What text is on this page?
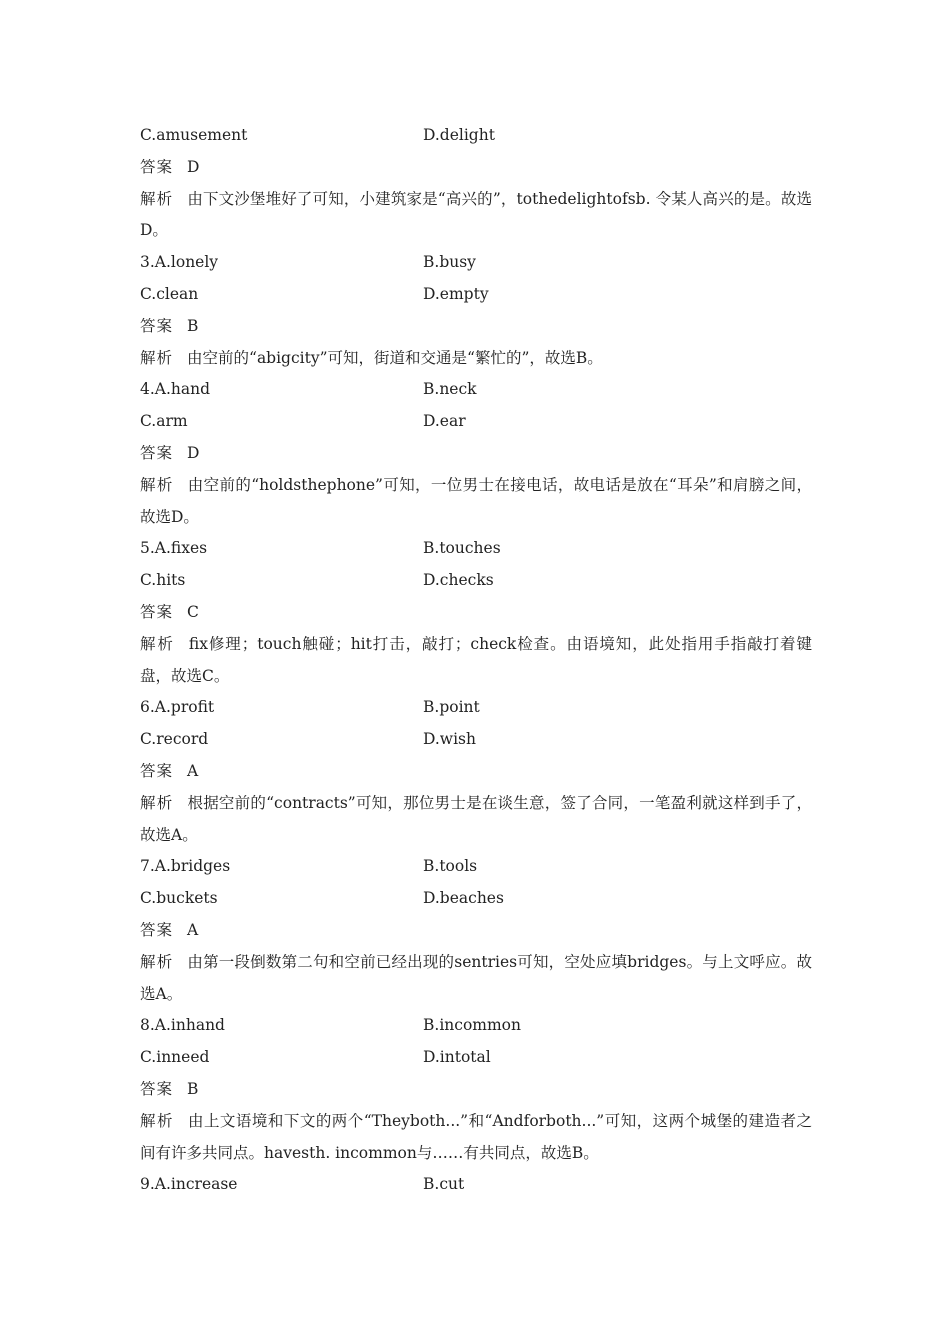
C.amusement	D.delight
答案 D
解析 由下文沙堡堆好了可知，小建筑家是“高兴的”，tothedelightofsb. 令某人高兴的是。故选D。
3.A.lonely	B.busy
C.clean	D.empty
答案 B
解析 由空前的“abigcity”可知，街道和交通是“繁忙的”，故选B。
4.A.hand	B.neck
C.arm	D.ear
答案 D
解析 由空前的“holdsthephone”可知，一位男士在接电话，故电话是放在“耳朵”和肩膀之间，故选D。
5.A.fixes	B.touches
C.hits	D.checks
答案 C
解析 fix修理；touch触碰；hit打击，敲打；check检查。由语境知，此处指用手指敲打着键盘，故选C。
6.A.profit	B.point
C.record	D.wish
答案 A
解析 根据空前的“contracts”可知，那位男士是在谈生意，签了合同，一笔盈利就这样到手了，故选A。
7.A.bridges	B.tools
C.buckets	D.beaches
答案 A
解析 由第一段倒数第二句和空前已经出现的sentries可知，空处应填bridges。与上文呼应。故选A。
8.A.inhand	B.incommon
C.inneed	D.intotal
答案 B
解析 由上文语境和下文的两个“Theyboth...”和“Andforboth...”可知，这两个城堡的建造者之间有许多共同点。havesth. incommon与……有共同点，故选B。
9.A.increase	B.cut
